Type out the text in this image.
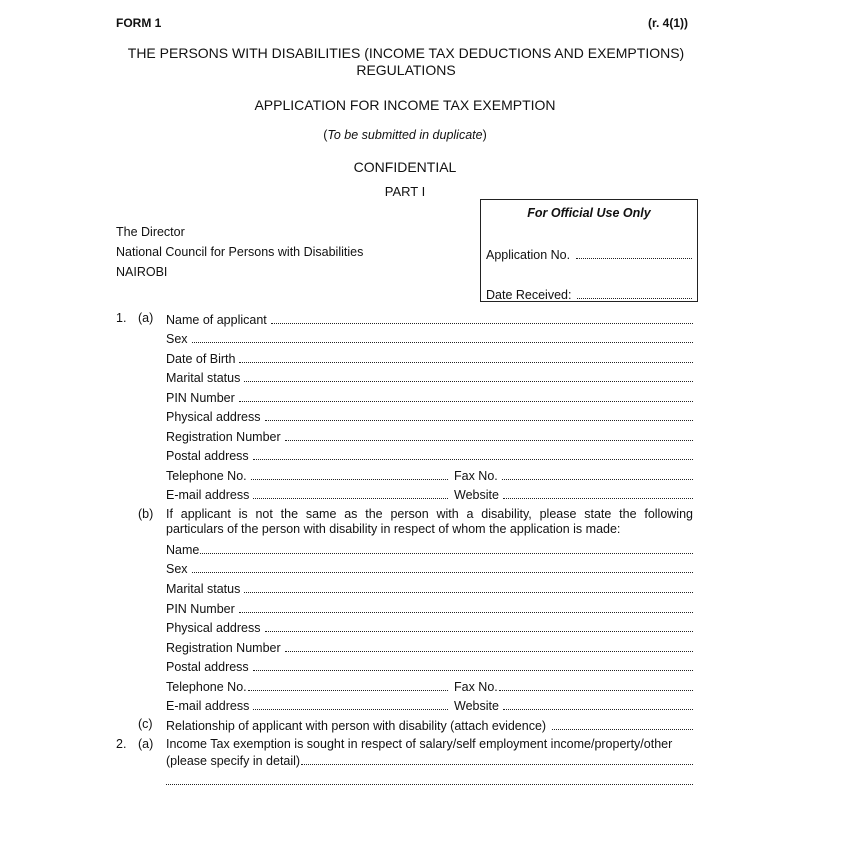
FORM 1	(r. 4(1))
THE PERSONS WITH DISABILITIES (INCOME TAX DEDUCTIONS AND EXEMPTIONS)
REGULATIONS
APPLICATION FOR INCOME TAX EXEMPTION
(To be submitted in duplicate)
CONFIDENTIAL
PART I
The Director
National Council for Persons with Disabilities
NAIROBI
For Official Use Only
Application No.
Date Received:
1. (a) Name of applicant
Sex
Date of Birth
Marital status
PIN Number
Physical address
Registration Number
Postal address
Telephone No.	Fax No.
E-mail address	Website
(b) If applicant is not the same as the person with a disability, please state the following
particulars of the person with disability in respect of whom the application is made:
Name
Sex
Marital status
PIN Number
Physical address
Registration Number
Postal address
Telephone No.	Fax No.
E-mail address	Website
(c) Relationship of applicant with person with disability (attach evidence)
2. (a) Income Tax exemption is sought in respect of salary/self employment income/property/other
(please specify in detail)
